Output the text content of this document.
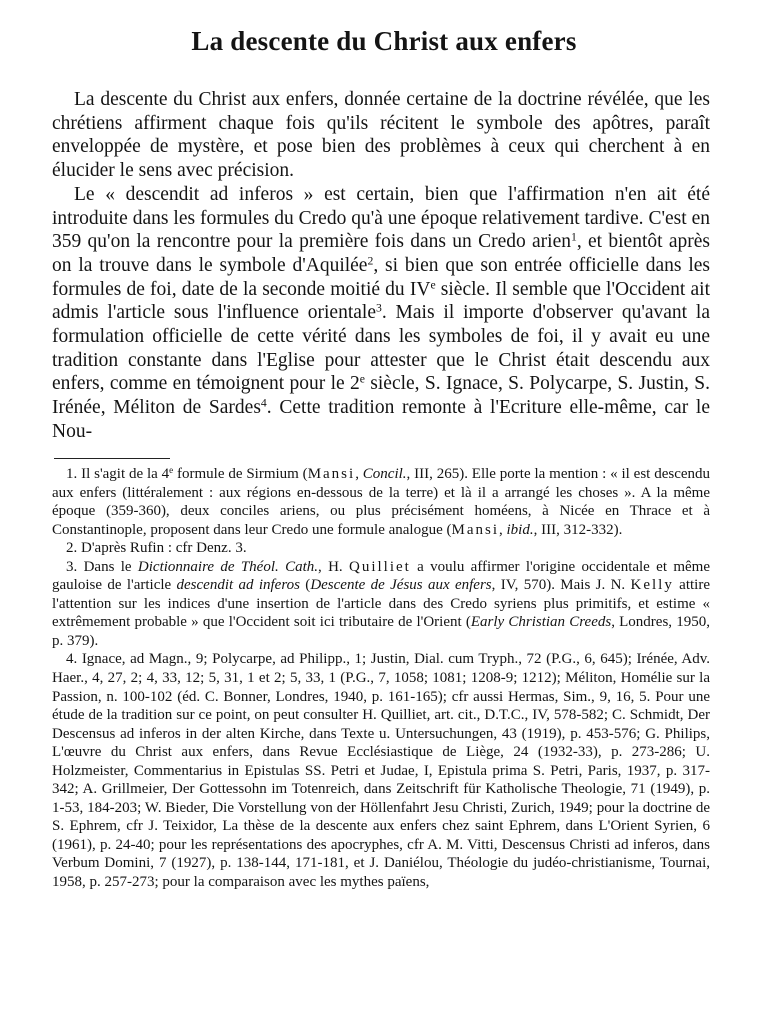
La descente du Christ aux enfers

La descente du Christ aux enfers, donnée certaine de la doctrine révélée, que les chrétiens affirment chaque fois qu'ils récitent le symbole des apôtres, paraît enveloppée de mystère, et pose bien des problèmes à ceux qui cherchent à en élucider le sens avec précision.

Le « descendit ad inferos » est certain, bien que l'affirmation n'en ait été introduite dans les formules du Credo qu'à une époque relativement tardive. C'est en 359 qu'on la rencontre pour la première fois dans un Credo arien$^1$, et bientôt après on la trouve dans le symbole d'Aquilée$^2$, si bien que son entrée officielle dans les formules de foi, date de la seconde moitié du IVe siècle. Il semble que l'Occident ait admis l'article sous l'influence orientale$^3$. Mais il importe d'observer qu'avant la formulation officielle de cette vérité dans les symboles de foi, il y avait eu une tradition constante dans l'Eglise pour attester que le Christ était descendu aux enfers, comme en témoignent pour le 2e siècle, S. Ignace, S. Polycarpe, S. Justin, S. Irénée, Méliton de Sardes$^4$. Cette tradition remonte à l'Ecriture elle-même, car le Nou-

1. Il s'agit de la 4e formule de Sirmium (Mansi, Concil., III, 265). Elle porte la mention : « il est descendu aux enfers (littéralement : aux régions en-dessous de la terre) et là il a arrangé les choses ». A la même époque (359-360), deux conciles ariens, ou plus précisément homéens, à Nicée en Thrace et à Constantinople, proposent dans leur Credo une formule analogue (Mansi, ibid., III, 312-332).

2. D'après Rufin : cfr Denz. 3.

3. Dans le Dictionnaire de Théol. Cath., H. Quilliet a voulu affirmer l'origine occidentale et même gauloise de l'article descendit ad inferos (Descente de Jésus aux enfers, IV, 570). Mais J. N. Kelly attire l'attention sur les indices d'une insertion de l'article dans des Credo syriens plus primitifs, et estime « extrêmement probable » que l'Occident soit ici tributaire de l'Orient (Early Christian Creeds, Londres, 1950, p. 379).

4. Ignace, ad Magn., 9; Polycarpe, ad Philipp., 1; Justin, Dial. cum Tryph., 72 (P.G., 6, 645); Irénée, Adv. Haer., 4, 27, 2; 4, 33, 12; 5, 31, 1 et 2; 5, 33, 1 (P.G., 7, 1058; 1081; 1208-9; 1212); Méliton, Homélie sur la Passion, n. 100-102 (éd. C. Bonner, Londres, 1940, p. 161-165); cfr aussi Hermas, Sim., 9, 16, 5. Pour une étude de la tradition sur ce point, on peut consulter H. Quilliet, art. cit., D.T.C., IV, 578-582; C. Schmidt, Der Descensus ad inferos in der alten Kirche, dans Texte u. Untersuchungen, 43 (1919), p. 453-576; G. Philips, L'œuvre du Christ aux enfers, dans Revue Ecclésiastique de Liège, 24 (1932-33), p. 273-286; U. Holzmeister, Commentarius in Epistulas SS. Petri et Judae, I, Epistula prima S. Petri, Paris, 1937, p. 317-342; A. Grillmeier, Der Gottessohn im Totenreich, dans Zeitschrift für Katholische Theologie, 71 (1949), p. 1-53, 184-203; W. Bieder, Die Vorstellung von der Höllenfahrt Jesu Christi, Zurich, 1949; pour la doctrine de S. Ephrem, cfr J. Teixidor, La thèse de la descente aux enfers chez saint Ephrem, dans L'Orient Syrien, 6 (1961), p. 24-40; pour les représentations des apocryphes, cfr A. M. Vitti, Descensus Christi ad inferos, dans Verbum Domini, 7 (1927), p. 138-144, 171-181, et J. Daniélou, Théologie du judéo-christianisme, Tournai, 1958, p. 257-273; pour la comparaison avec les mythes païens,
